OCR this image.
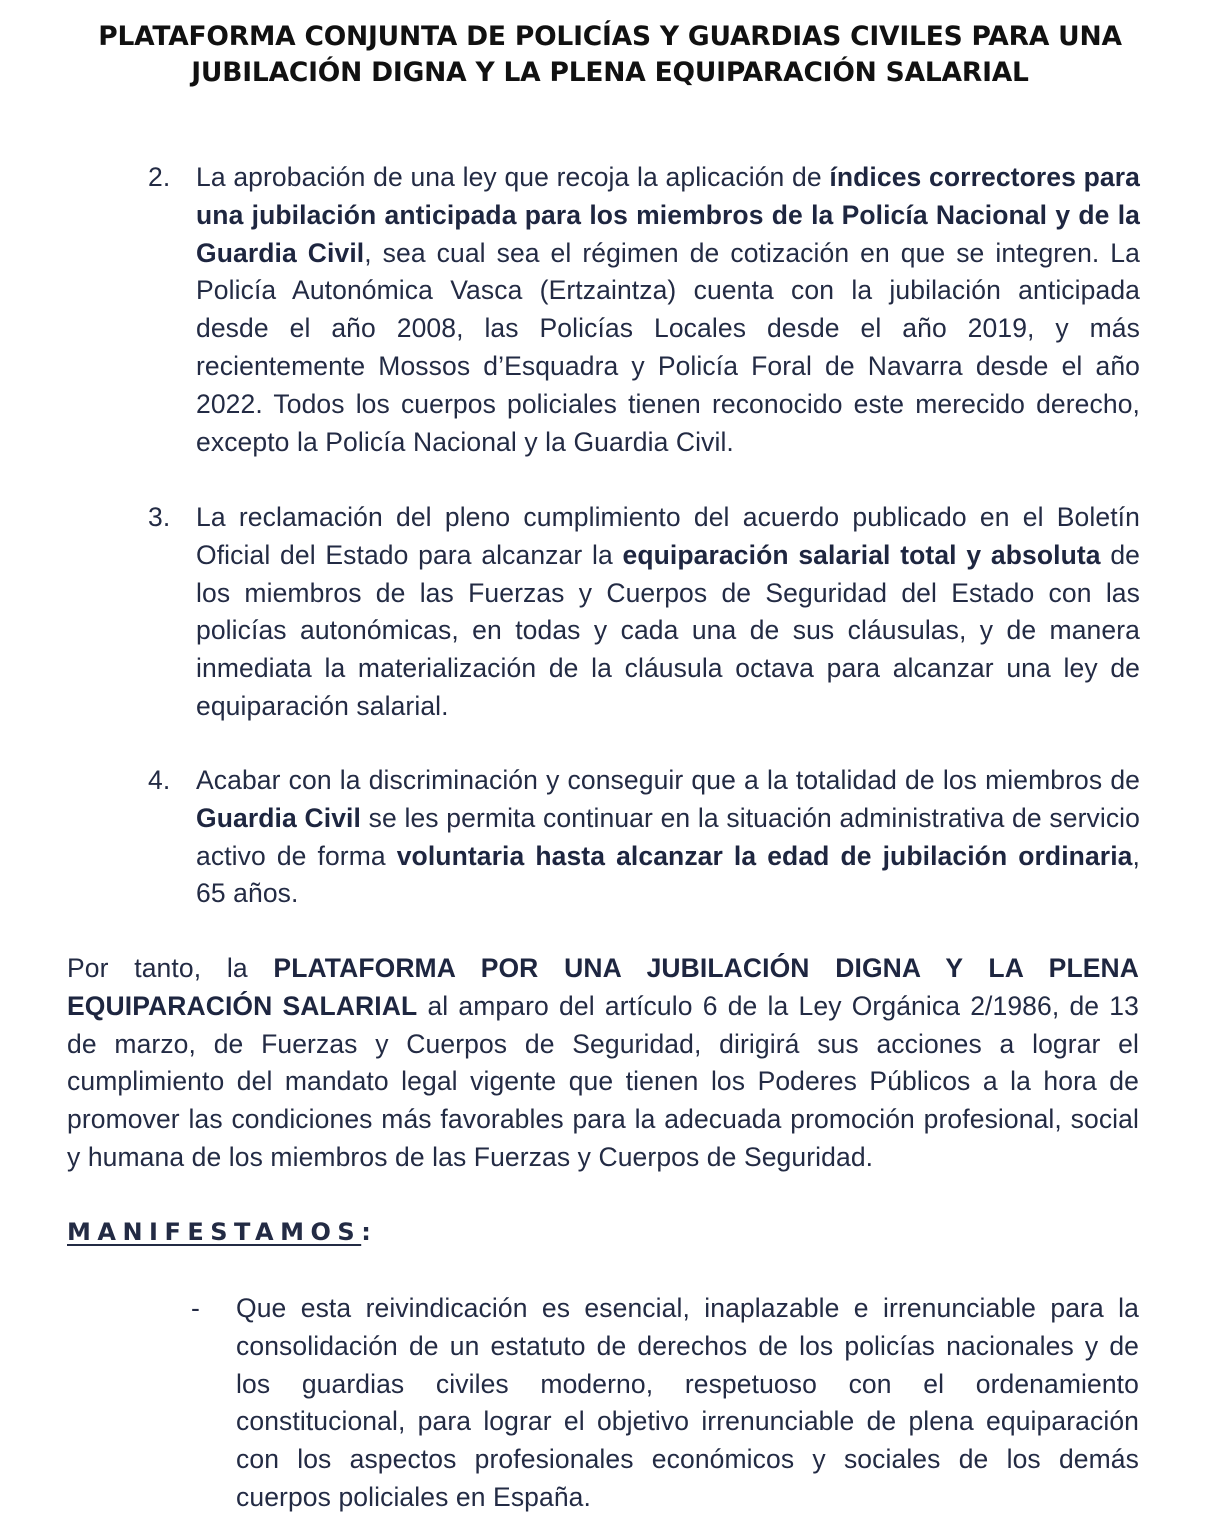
PLATAFORMA CONJUNTA DE POLICÍAS Y GUARDIAS CIVILES PARA UNA
JUBILACIÓN DIGNA Y LA PLENA EQUIPARACIÓN SALARIAL
2. La aprobación de una ley que recoja la aplicación de índices correctores para una jubilación anticipada para los miembros de la Policía Nacional y de la Guardia Civil, sea cual sea el régimen de cotización en que se integren. La Policía Autonómica Vasca (Ertzaintza) cuenta con la jubilación anticipada desde el año 2008, las Policías Locales desde el año 2019, y más recientemente Mossos d’Esquadra y Policía Foral de Navarra desde el año 2022. Todos los cuerpos policiales tienen reconocido este merecido derecho, excepto la Policía Nacional y la Guardia Civil.
3. La reclamación del pleno cumplimiento del acuerdo publicado en el Boletín Oficial del Estado para alcanzar la equiparación salarial total y absoluta de los miembros de las Fuerzas y Cuerpos de Seguridad del Estado con las policías autonómicas, en todas y cada una de sus cláusulas, y de manera inmediata la materialización de la cláusula octava para alcanzar una ley de equiparación salarial.
4. Acabar con la discriminación y conseguir que a la totalidad de los miembros de Guardia Civil se les permita continuar en la situación administrativa de servicio activo de forma voluntaria hasta alcanzar la edad de jubilación ordinaria, 65 años.
Por tanto, la PLATAFORMA POR UNA JUBILACIÓN DIGNA Y LA PLENA EQUIPARACIÓN SALARIAL al amparo del artículo 6 de la Ley Orgánica 2/1986, de 13 de marzo, de Fuerzas y Cuerpos de Seguridad, dirigirá sus acciones a lograr el cumplimiento del mandato legal vigente que tienen los Poderes Públicos a la hora de promover las condiciones más favorables para la adecuada promoción profesional, social y humana de los miembros de las Fuerzas y Cuerpos de Seguridad.
MANIFESTAMOS:
- Que esta reivindicación es esencial, inaplazable e irrenunciable para la consolidación de un estatuto de derechos de los policías nacionales y de los guardias civiles moderno, respetuoso con el ordenamiento constitucional, para lograr el objetivo irrenunciable de plena equiparación con los aspectos profesionales económicos y sociales de los demás cuerpos policiales en España.
